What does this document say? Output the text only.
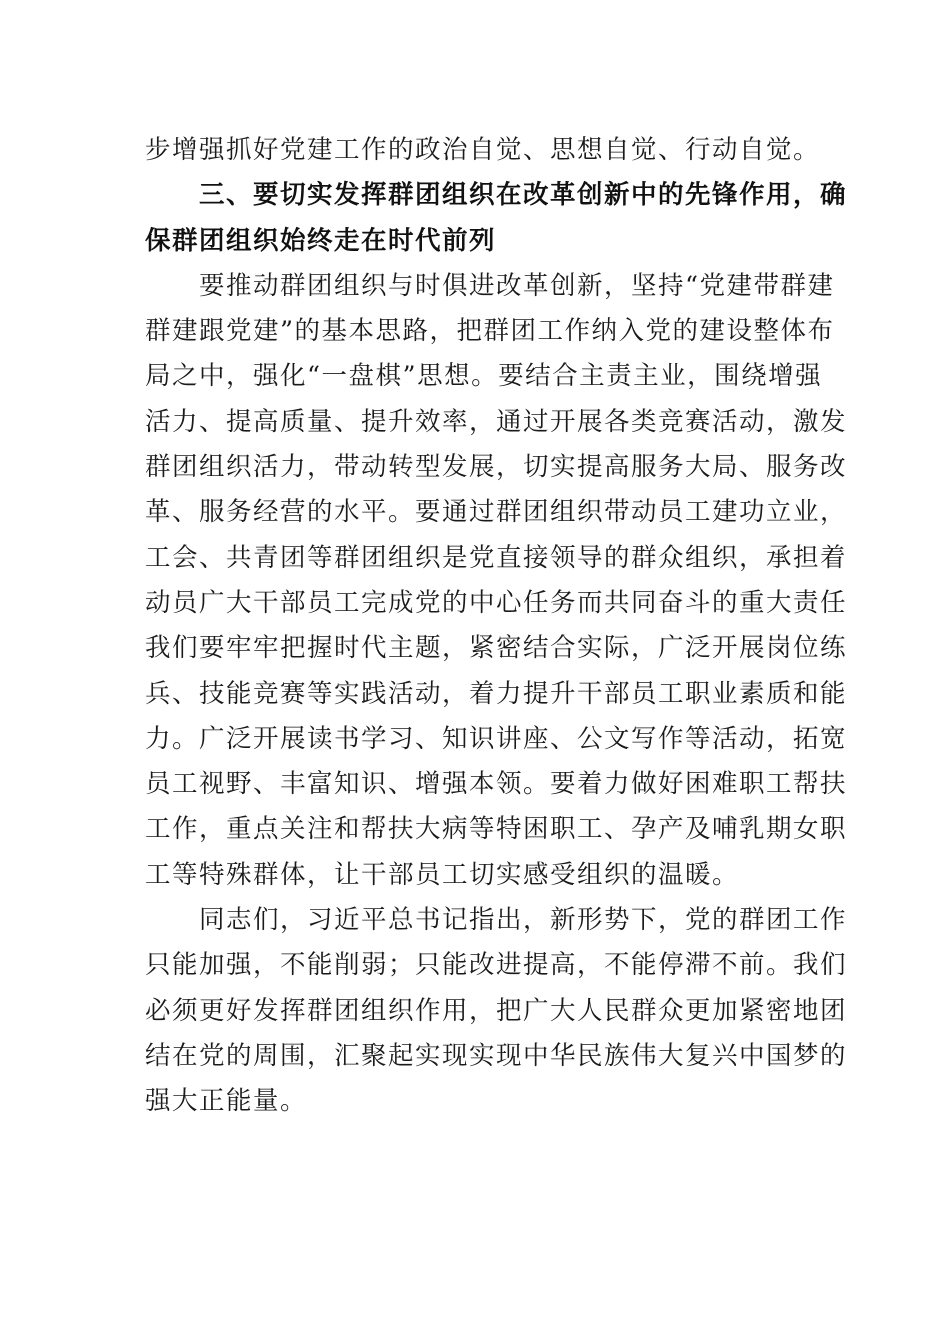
步增强抓好党建工作的政治自觉、思想自觉、行动自觉。
三、要切实发挥群团组织在改革创新中的先锋作用，确
保群团组织始终走在时代前列
要推动群团组织与时俱进改革创新，坚持“党建带群建
群建跟党建”的基本思路，把群团工作纳入党的建设整体布
局之中，强化“一盘棋”思想。要结合主责主业，围绕增强
活力、提高质量、提升效率，通过开展各类竞赛活动，激发
群团组织活力，带动转型发展，切实提高服务大局、服务改
革、服务经营的水平。要通过群团组织带动员工建功立业，
工会、共青团等群团组织是党直接领导的群众组织，承担着
动员广大干部员工完成党的中心任务而共同奋斗的重大责任
我们要牢牢把握时代主题，紧密结合实际，广泛开展岗位练
兵、技能竞赛等实践活动，着力提升干部员工职业素质和能
力。广泛开展读书学习、知识讲座、公文写作等活动，拓宽
员工视野、丰富知识、增强本领。要着力做好困难职工帮扶
工作，重点关注和帮扶大病等特困职工、孕产及哺乳期女职
工等特殊群体，让干部员工切实感受组织的温暖。
同志们，习近平总书记指出，新形势下，党的群团工作
只能加强，不能削弱；只能改进提高，不能停滞不前。我们
必须更好发挥群团组织作用，把广大人民群众更加紧密地团
结在党的周围，汇聚起实现实现中华民族伟大复兴中国梦的
强大正能量。
